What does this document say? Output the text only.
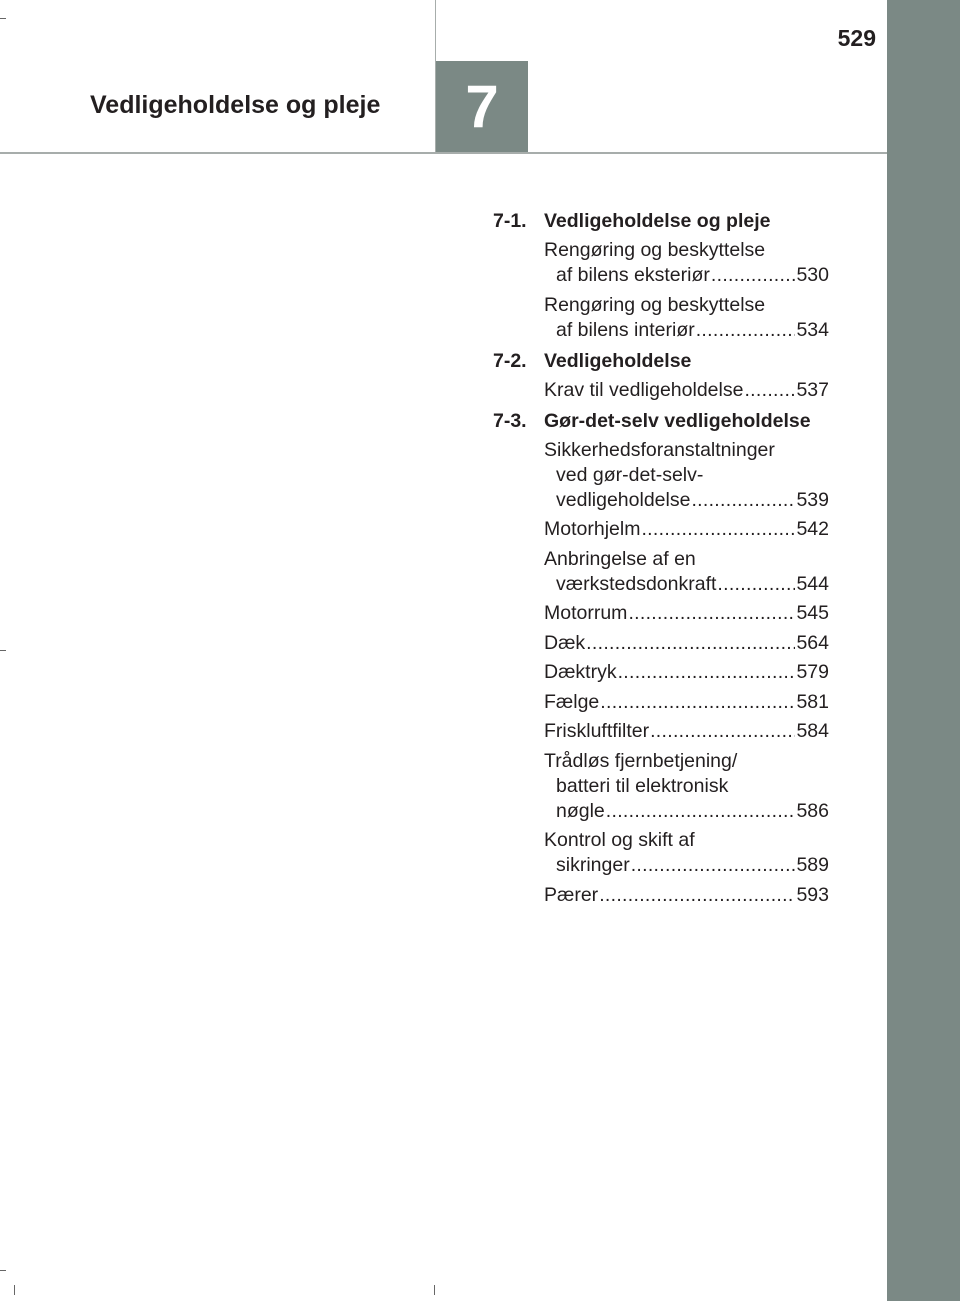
529
7
Vedligeholdelse og pleje
7-1. Vedligeholdelse og pleje
Rengøring og beskyttelse
af bilens eksteriør .....	530
Rengøring og beskyttelse
af bilens interiør .....	534
7-2. Vedligeholdelse
Krav til vedligeholdelse .....	537
7-3. Gør-det-selv vedligeholdelse
Sikkerhedsforanstaltninger
ved gør-det-selv-
vedligeholdelse .....	539
Motorhjelm .....	542
Anbringelse af en
værkstedsdonkraft .....	544
Motorrum .....	545
Dæk .....	564
Dæktryk .....	579
Fælge .....	581
Friskluftfilter .....	584
Trådløs fjernbetjening/
batteri til elektronisk
nøgle .....	586
Kontrol og skift af
sikringer .....	589
Pærer .....	593
